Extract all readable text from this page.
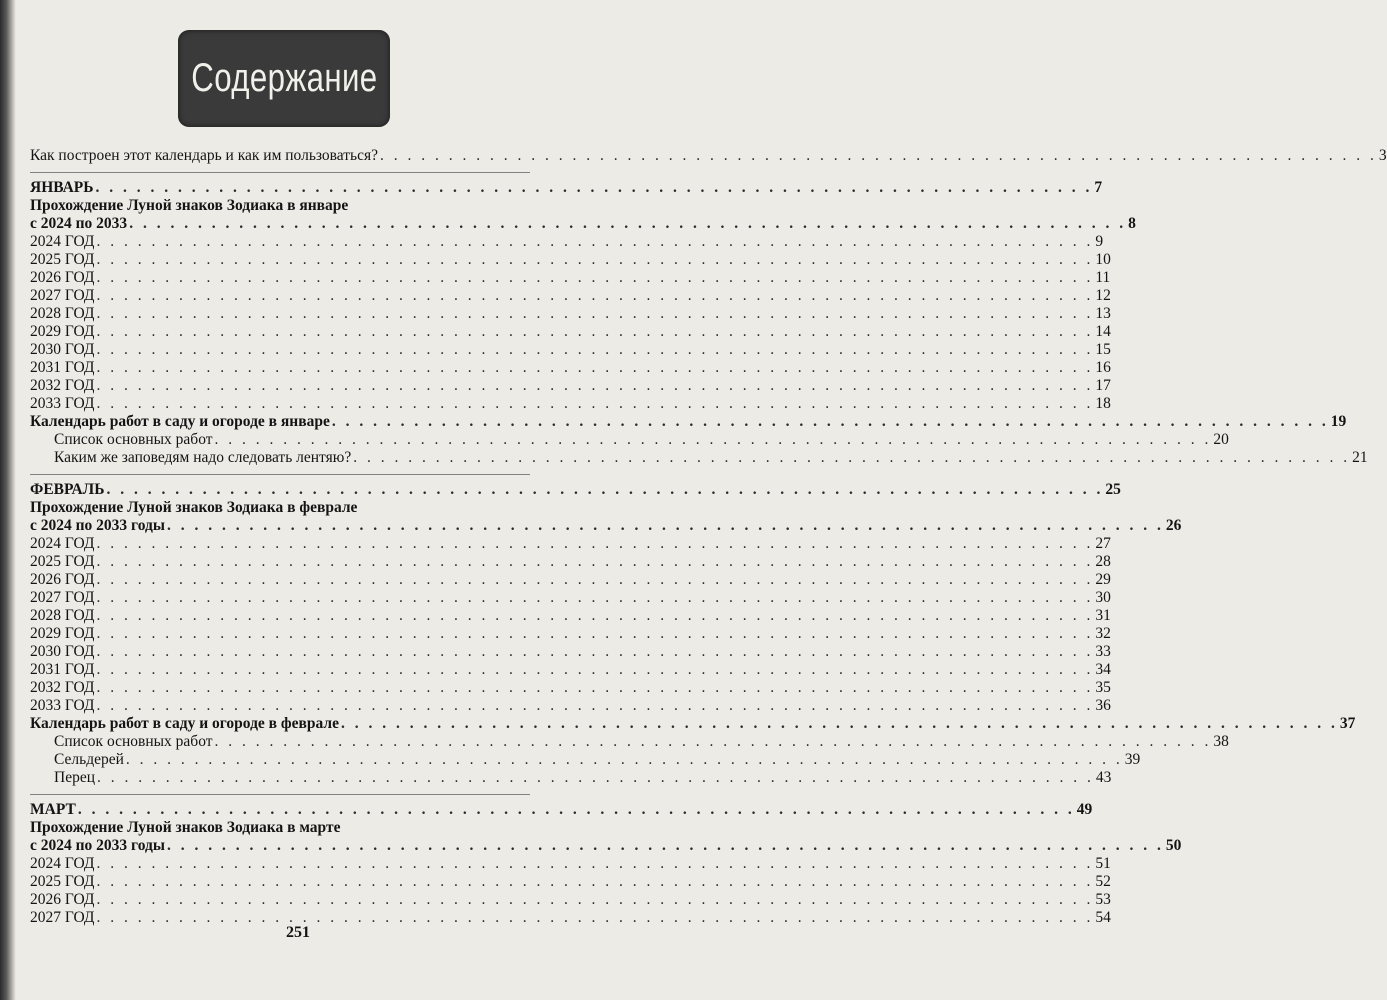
Содержание
Как построен этот календарь и как им пользоваться? . . . . . . . . . . . . . . . . . . . . . . . . . . . . . . . . . . . . . . . . . . . . . . . . . . . . . . . . . . . . . . . . . . . . . . . . . 3
ЯНВАРЬ . . . . . . . . . . . . . . . . . . . . . . . . . . . . . . . . . . . . . . . . . . . . . . . . . . . . . . . . . . . . . . . . . . . . . . . . . 7
Прохождение Луной знаков Зодиака в январе
с 2024 по 2033 . . . . . . . . . . . . . . . . . . . . . . . . . . . . . . . . . . . . . . . . . . . . . . . . . . . . . . . . . . . . . . . . . . . . . . . . . 8
2024 ГОД . . . . . . . . . . . . . . . . . . . . . . . . . . . . . . . . . . . . . . . . . . . . . . . . . . . . . . . . . . . . . . . . . . . . . . . . . 9
2025 ГОД . . . . . . . . . . . . . . . . . . . . . . . . . . . . . . . . . . . . . . . . . . . . . . . . . . . . . . . . . . . . . . . . . . . . . . . . . 10
2026 ГОД . . . . . . . . . . . . . . . . . . . . . . . . . . . . . . . . . . . . . . . . . . . . . . . . . . . . . . . . . . . . . . . . . . . . . . . . . 11
2027 ГОД . . . . . . . . . . . . . . . . . . . . . . . . . . . . . . . . . . . . . . . . . . . . . . . . . . . . . . . . . . . . . . . . . . . . . . . . . 12
2028 ГОД . . . . . . . . . . . . . . . . . . . . . . . . . . . . . . . . . . . . . . . . . . . . . . . . . . . . . . . . . . . . . . . . . . . . . . . . . 13
2029 ГОД . . . . . . . . . . . . . . . . . . . . . . . . . . . . . . . . . . . . . . . . . . . . . . . . . . . . . . . . . . . . . . . . . . . . . . . . . 14
2030 ГОД . . . . . . . . . . . . . . . . . . . . . . . . . . . . . . . . . . . . . . . . . . . . . . . . . . . . . . . . . . . . . . . . . . . . . . . . . 15
2031 ГОД . . . . . . . . . . . . . . . . . . . . . . . . . . . . . . . . . . . . . . . . . . . . . . . . . . . . . . . . . . . . . . . . . . . . . . . . . 16
2032 ГОД . . . . . . . . . . . . . . . . . . . . . . . . . . . . . . . . . . . . . . . . . . . . . . . . . . . . . . . . . . . . . . . . . . . . . . . . . 17
2033 ГОД . . . . . . . . . . . . . . . . . . . . . . . . . . . . . . . . . . . . . . . . . . . . . . . . . . . . . . . . . . . . . . . . . . . . . . . . . 18
Календарь работ в саду и огороде в январе . . . . . . . . . . . . . . . . . . . . . . . . . . . . . . . . . . . . . . . . . . . . . . . . . . . . . . . . . . . . . . . . . . . . . . . . . 19
Список основных работ . . . . . . . . . . . . . . . . . . . . . . . . . . . . . . . . . . . . . . . . . . . . . . . . . . . . . . . . . . . . . . . . . . . . . . . . . 20
Каким же заповедям надо следовать лентяю? . . . . . . . . . . . . . . . . . . . . . . . . . . . . . . . . . . . . . . . . . . . . . . . . . . . . . . . . . . . . . . . . . . . . . . . . . 21
ФЕВРАЛЬ . . . . . . . . . . . . . . . . . . . . . . . . . . . . . . . . . . . . . . . . . . . . . . . . . . . . . . . . . . . . . . . . . . . . . . . . . 25
Прохождение Луной знаков Зодиака в феврале
с 2024 по 2033 годы . . . . . . . . . . . . . . . . . . . . . . . . . . . . . . . . . . . . . . . . . . . . . . . . . . . . . . . . . . . . . . . . . . . . . . . . . 26
2024 ГОД . . . . . . . . . . . . . . . . . . . . . . . . . . . . . . . . . . . . . . . . . . . . . . . . . . . . . . . . . . . . . . . . . . . . . . . . . 27
2025 ГОД . . . . . . . . . . . . . . . . . . . . . . . . . . . . . . . . . . . . . . . . . . . . . . . . . . . . . . . . . . . . . . . . . . . . . . . . . 28
2026 ГОД . . . . . . . . . . . . . . . . . . . . . . . . . . . . . . . . . . . . . . . . . . . . . . . . . . . . . . . . . . . . . . . . . . . . . . . . . 29
2027 ГОД . . . . . . . . . . . . . . . . . . . . . . . . . . . . . . . . . . . . . . . . . . . . . . . . . . . . . . . . . . . . . . . . . . . . . . . . . 30
2028 ГОД . . . . . . . . . . . . . . . . . . . . . . . . . . . . . . . . . . . . . . . . . . . . . . . . . . . . . . . . . . . . . . . . . . . . . . . . . 31
2029 ГОД . . . . . . . . . . . . . . . . . . . . . . . . . . . . . . . . . . . . . . . . . . . . . . . . . . . . . . . . . . . . . . . . . . . . . . . . . 32
2030 ГОД . . . . . . . . . . . . . . . . . . . . . . . . . . . . . . . . . . . . . . . . . . . . . . . . . . . . . . . . . . . . . . . . . . . . . . . . . 33
2031 ГОД . . . . . . . . . . . . . . . . . . . . . . . . . . . . . . . . . . . . . . . . . . . . . . . . . . . . . . . . . . . . . . . . . . . . . . . . . 34
2032 ГОД . . . . . . . . . . . . . . . . . . . . . . . . . . . . . . . . . . . . . . . . . . . . . . . . . . . . . . . . . . . . . . . . . . . . . . . . . 35
2033 ГОД . . . . . . . . . . . . . . . . . . . . . . . . . . . . . . . . . . . . . . . . . . . . . . . . . . . . . . . . . . . . . . . . . . . . . . . . . 36
Календарь работ в саду и огороде в феврале . . . . . . . . . . . . . . . . . . . . . . . . . . . . . . . . . . . . . . . . . . . . . . . . . . . . . . . . . . . . . . . . . . . . . . . . . 37
Список основных работ . . . . . . . . . . . . . . . . . . . . . . . . . . . . . . . . . . . . . . . . . . . . . . . . . . . . . . . . . . . . . . . . . . . . . . . . . 38
Сельдерей . . . . . . . . . . . . . . . . . . . . . . . . . . . . . . . . . . . . . . . . . . . . . . . . . . . . . . . . . . . . . . . . . . . . . . . . . 39
Перец . . . . . . . . . . . . . . . . . . . . . . . . . . . . . . . . . . . . . . . . . . . . . . . . . . . . . . . . . . . . . . . . . . . . . . . . . 43
МАРТ . . . . . . . . . . . . . . . . . . . . . . . . . . . . . . . . . . . . . . . . . . . . . . . . . . . . . . . . . . . . . . . . . . . . . . . . . 49
Прохождение Луной знаков Зодиака в марте
с 2024 по 2033 годы . . . . . . . . . . . . . . . . . . . . . . . . . . . . . . . . . . . . . . . . . . . . . . . . . . . . . . . . . . . . . . . . . . . . . . . . . 50
2024 ГОД . . . . . . . . . . . . . . . . . . . . . . . . . . . . . . . . . . . . . . . . . . . . . . . . . . . . . . . . . . . . . . . . . . . . . . . . . 51
2025 ГОД . . . . . . . . . . . . . . . . . . . . . . . . . . . . . . . . . . . . . . . . . . . . . . . . . . . . . . . . . . . . . . . . . . . . . . . . . 52
2026 ГОД . . . . . . . . . . . . . . . . . . . . . . . . . . . . . . . . . . . . . . . . . . . . . . . . . . . . . . . . . . . . . . . . . . . . . . . . . 53
2027 ГОД . . . . . . . . . . . . . . . . . . . . . . . . . . . . . . . . . . . . . . . . . . . . . . . . . . . . . . . . . . . . . . . . . . . . . . . . . 54
251
